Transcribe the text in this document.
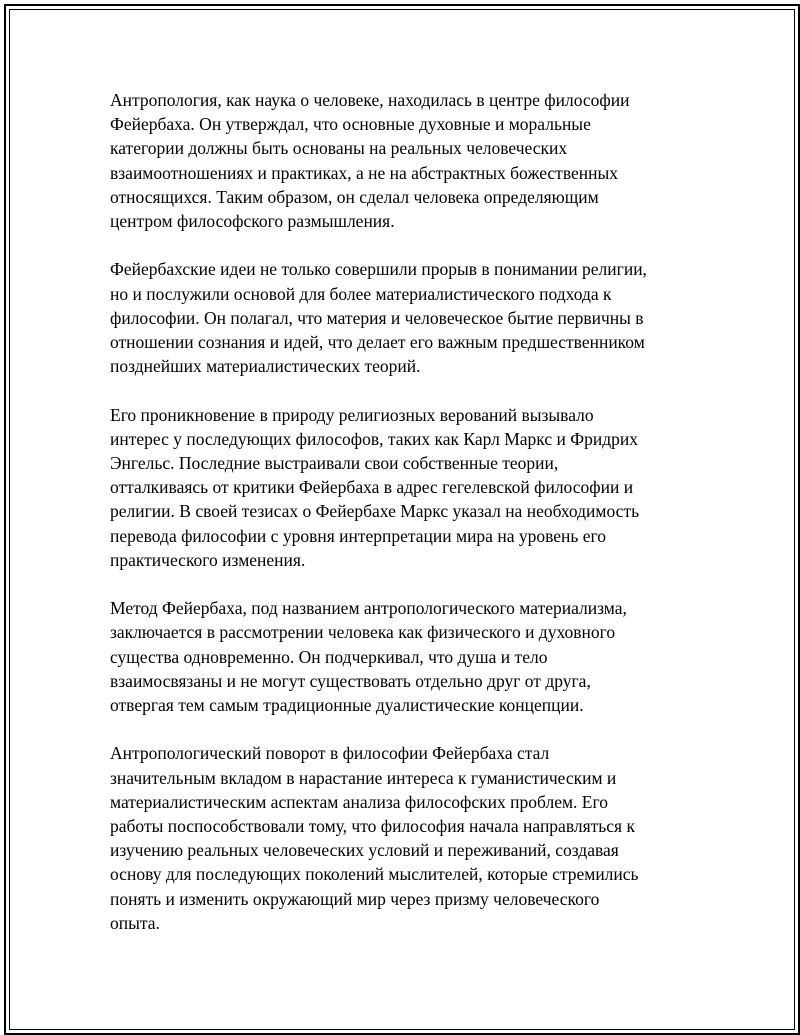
Антропология, как наука о человеке, находилась в центре философии
Фейербаха. Он утверждал, что основные духовные и моральные
категории должны быть основаны на реальных человеческих
взаимоотношениях и практиках, а не на абстрактных божественных
относящихся. Таким образом, он сделал человека определяющим
центром философского размышления.

Фейербахские идеи не только совершили прорыв в понимании религии,
но и послужили основой для более материалистического подхода к
философии. Он полагал, что материя и человеческое бытие первичны в
отношении сознания и идей, что делает его важным предшественником
позднейших материалистических теорий.

Его проникновение в природу религиозных верований вызывало
интерес у последующих философов, таких как Карл Маркс и Фридрих
Энгельс. Последние выстраивали свои собственные теории,
отталкиваясь от критики Фейербаха в адрес гегелевской философии и
религии. В своей тезисах о Фейербахе Маркс указал на необходимость
перевода философии с уровня интерпретации мира на уровень его
практического изменения.

Метод Фейербаха, под названием антропологического материализма,
заключается в рассмотрении человека как физического и духовного
существа одновременно. Он подчеркивал, что душа и тело
взаимосвязаны и не могут существовать отдельно друг от друга,
отвергая тем самым традиционные дуалистические концепции.

Антропологический поворот в философии Фейербаха стал
значительным вкладом в нарастание интереса к гуманистическим и
материалистическим аспектам анализа философских проблем. Его
работы поспособствовали тому, что философия начала направляться к
изучению реальных человеческих условий и переживаний, создавая
основу для последующих поколений мыслителей, которые стремились
понять и изменить окружающий мир через призму человеческого
опыта.
